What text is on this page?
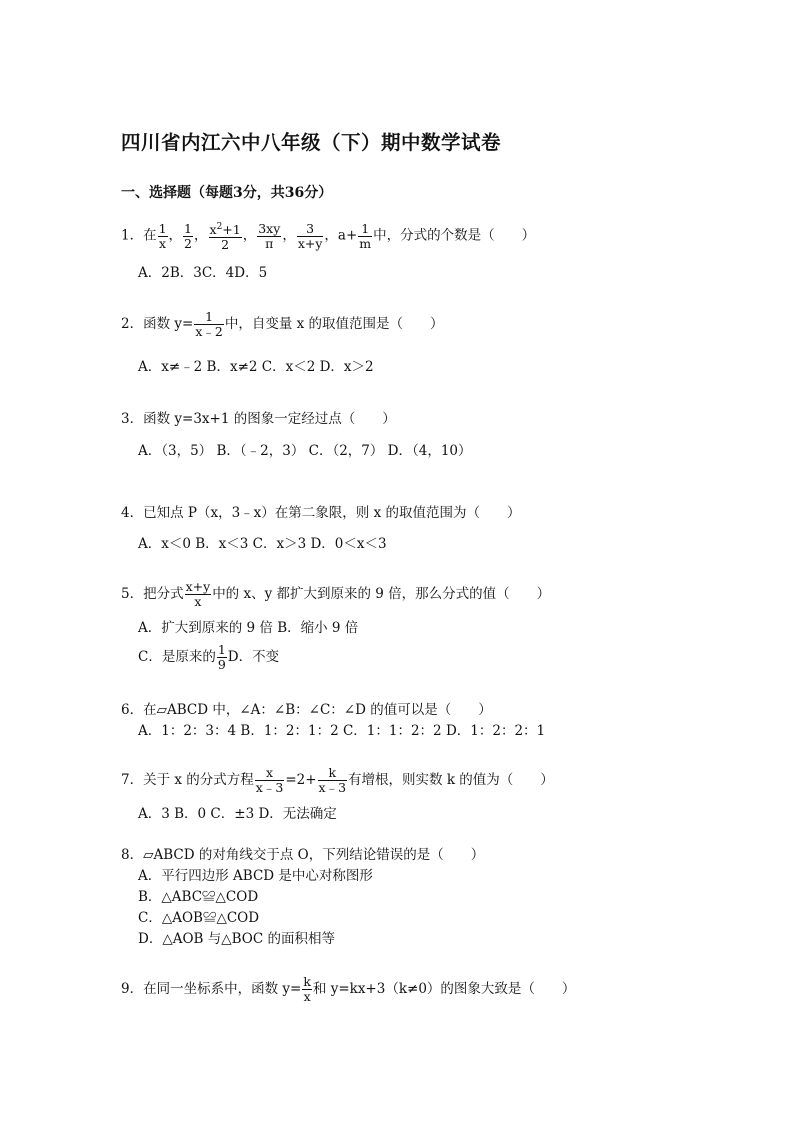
四川省内江六中八年级（下）期中数学试卷
一、选择题（每题3分，共36分）
1．在 $\frac{1}{x}$ ， $\frac{1}{2}$ ， $\frac{x^2+1}{2}$ ， $\frac{3xy}{\pi}$ ， $\frac{3}{x+y}$ ，$a+ \frac{1}{m}$ 中，分式的个数是（　　）
A．2B．3C．4D．5
2．函数 $y= \frac{1}{x﹣2}$ 中，自变量 x 的取值范围是（　　）
A．x≠﹣2 B．x≠2 C．x＜2 D．x＞2
3．函数 y=3x+1 的图象一定经过点（　　）
A．（3，5） B．（﹣2，3） C．（2，7） D．（4，10）
4．已知点 P（x，3﹣x）在第二象限，则 x 的取值范围为（　　）
A．x＜0 B．x＜3 C．x＞3 D．0＜x＜3
5．把分式 $\frac{x+y}{x}$ 中的 x、y 都扩大到原来的 9 倍，那么分式的值（　　）
A．扩大到原来的 9 倍 B．缩小 9 倍
C．是原来的 $\frac{1}{9}$ D．不变
6．在▱ABCD 中，∠A：∠B：∠C：∠D 的值可以是（　　）
A．1：2：3：4 B．1：2：1：2 C．1：1：2：2 D．1：2：2：1
7．关于 x 的分式方程 $\frac{x}{x﹣3} =2+ \frac{k}{x﹣3}$ 有增根，则实数 k 的值为（　　）
A．3 B．0 C．±3 D．无法确定
8．▱ABCD 的对角线交于点 O，下列结论错误的是（　　）
A．平行四边形 ABCD 是中心对称图形
B．△ABC≌△COD
C．△AOB≌△COD
D．△AOB 与△BOC 的面积相等
9．在同一坐标系中，函数 $y= \frac{k}{x}$ 和 y=kx+3（k≠0）的图象大致是（　　）
